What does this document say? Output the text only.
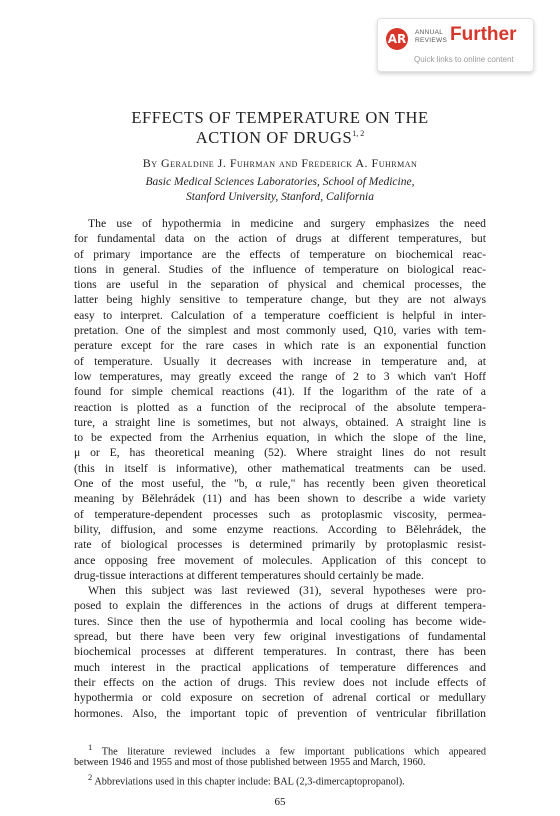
AR ANNUAL
REVIEWS Further
Quick links to online content
EFFECTS OF TEMPERATURE ON THE
ACTION OF DRUGS$^{1, 2}$
By Geraldine J. Fuhrman and Frederick A. Fuhrman
Basic Medical Sciences Laboratories, School of Medicine,
Stanford University, Stanford, California
The use of hypothermia in medicine and surgery emphasizes the need
for fundamental data on the action of drugs at different temperatures, but
of primary importance are the effects of temperature on biochemical reac-
tions in general. Studies of the influence of temperature on biological reac-
tions are useful in the separation of physical and chemical processes, the
latter being highly sensitive to temperature change, but they are not always
easy to interpret. Calculation of a temperature coefficient is helpful in inter-
pretation. One of the simplest and most commonly used, Q10, varies with tem-
perature except for the rare cases in which rate is an exponential function
of temperature. Usually it decreases with increase in temperature and, at
low temperatures, may greatly exceed the range of 2 to 3 which van't Hoff
found for simple chemical reactions (41). If the logarithm of the rate of a
reaction is plotted as a function of the reciprocal of the absolute tempera-
ture, a straight line is sometimes, but not always, obtained. A straight line is
to be expected from the Arrhenius equation, in which the slope of the line,
μ or E, has theoretical meaning (52). Where straight lines do not result
(this in itself is informative), other mathematical treatments can be used.
One of the most useful, the "b, α rule," has recently been given theoretical
meaning by Bělehrádek (11) and has been shown to describe a wide variety
of temperature-dependent processes such as protoplasmic viscosity, permea-
bility, diffusion, and some enzyme reactions. According to Bělehrádek, the
rate of biological processes is determined primarily by protoplasmic resist-
ance opposing free movement of molecules. Application of this concept to
drug-tissue interactions at different temperatures should certainly be made.
When this subject was last reviewed (31), several hypotheses were pro-
posed to explain the differences in the actions of drugs at different tempera-
tures. Since then the use of hypothermia and local cooling has become wide-
spread, but there have been very few original investigations of fundamental
biochemical processes at different temperatures. In contrast, there has been
much interest in the practical applications of temperature differences and
their effects on the action of drugs. This review does not include effects of
hypothermia or cold exposure on secretion of adrenal cortical or medullary
hormones. Also, the important topic of prevention of ventricular fibrillation
$^1$ The literature reviewed includes a few important publications which appeared
between 1946 and 1955 and most of those published between 1955 and March, 1960.
$^2$ Abbreviations used in this chapter include: BAL (2,3-dimercaptopropanol).
65
